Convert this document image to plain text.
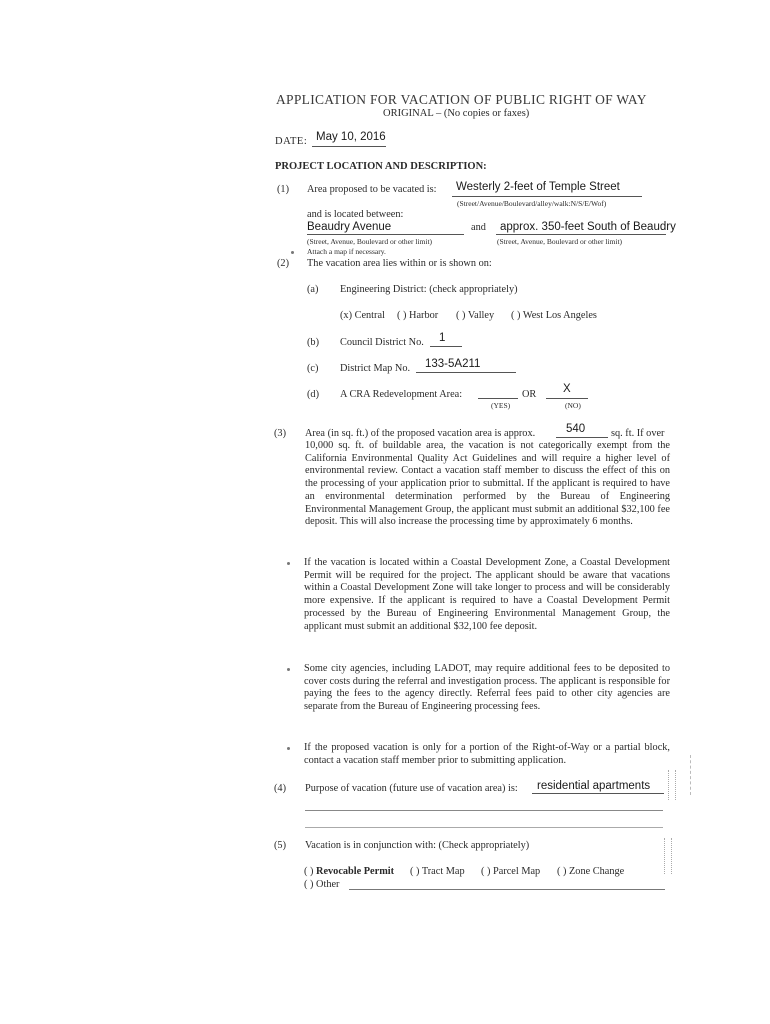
APPLICATION FOR VACATION OF PUBLIC RIGHT OF WAY
ORIGINAL – (No copies or faxes)
DATE: May 10, 2016
PROJECT LOCATION AND DESCRIPTION:
(1) Area proposed to be vacated is: Westerly 2-feet of Temple Street
(Street/Avenue/Boulevard/alley/walk:N/S/E/Wof)
and is located between:
Beaudry Avenue	and approx. 350-feet South of Beaudry
(Street, Avenue, Boulevard or other limit)	(Street, Avenue, Boulevard or other limit)
Attach a map if necessary.
(2) The vacation area lies within or is shown on:
(a) Engineering District: (check appropriately)
(x) Central ( ) Harbor ( ) Valley ( ) West Los Angeles
(b) Council District No. 1
(c) District Map No. 133-5A211
(d) A CRA Redevelopment Area:	OR X
(YES)	(NO)
(3) Area (in sq. ft.) of the proposed vacation area is approx.	540	sq. ft. If over
10,000 sq. ft. of buildable area, the vacation is not categorically exempt from the California Environmental Quality Act Guidelines and will require a higher level of environmental review. Contact a vacation staff member to discuss the effect of this on the processing of your application prior to submittal. If the applicant is required to have an environmental determination performed by the Bureau of Engineering Environmental Management Group, the applicant must submit an additional $32,100 fee deposit. This will also increase the processing time by approximately 6 months.
If the vacation is located within a Coastal Development Zone, a Coastal Development Permit will be required for the project. The applicant should be aware that vacations within a Coastal Development Zone will take longer to process and will be considerably more expensive. If the applicant is required to have a Coastal Development Permit processed by the Bureau of Engineering Environmental Management Group, the applicant must submit an additional $32,100 fee deposit.
Some city agencies, including LADOT, may require additional fees to be deposited to cover costs during the referral and investigation process. The applicant is responsible for paying the fees to the agency directly. Referral fees paid to other city agencies are separate from the Bureau of Engineering processing fees.
If the proposed vacation is only for a portion of the Right-of-Way or a partial block, contact a vacation staff member prior to submitting application.
(4) Purpose of vacation (future use of vacation area) is: residential apartments
(5) Vacation is in conjunction with: (Check appropriately)
( ) Revocable Permit ( ) Tract Map ( ) Parcel Map ( ) Zone Change
( ) Other
